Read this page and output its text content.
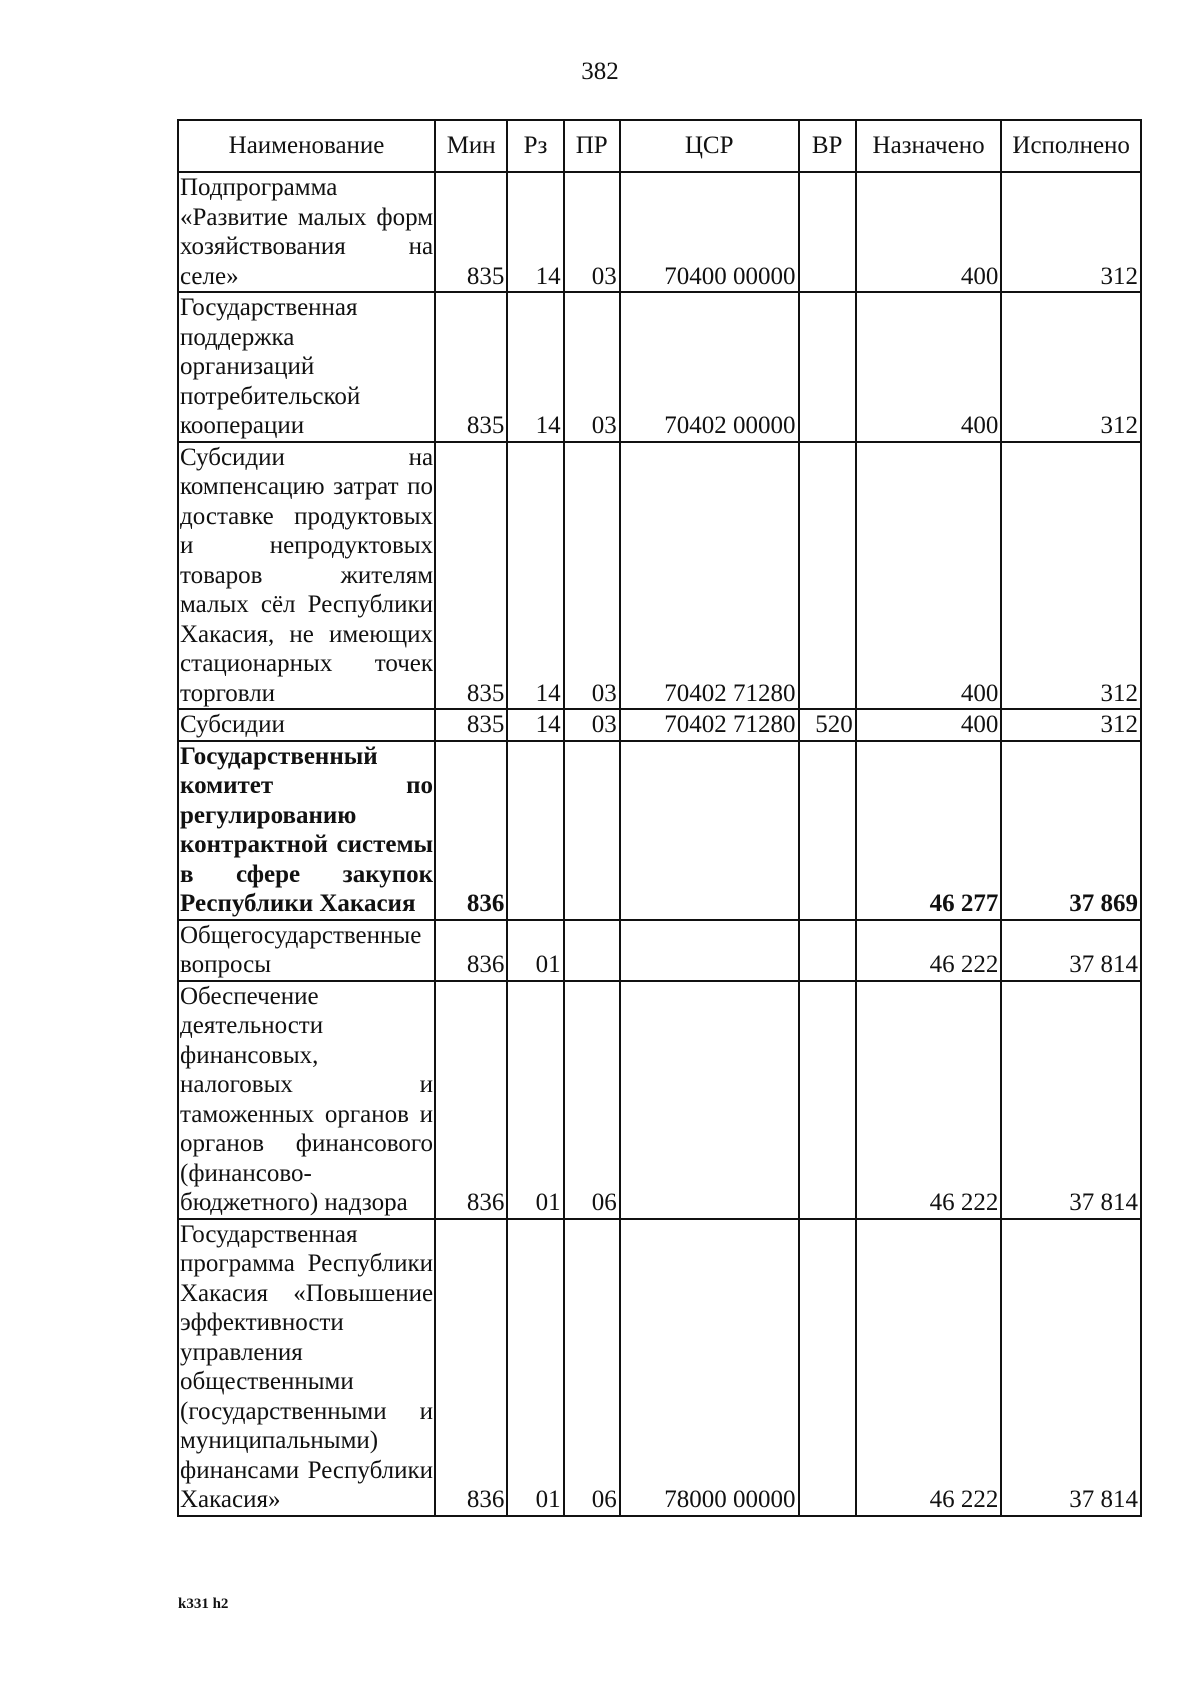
382
Наименование	Мин	Рз	ПР	ЦСР	ВР	Назначено	Исполнено
Подпрограмма «Развитие малых форм хозяйствования на селе»	835	14	03	70400 00000		400	312
Государственная поддержка организаций потребительской кооперации	835	14	03	70402 00000		400	312
Субсидии на компенсацию затрат по доставке продуктовых и непродуктовых товаров жителям малых сёл Республики Хакасия, не имеющих стационарных точек торговли	835	14	03	70402 71280		400	312
Субсидии	835	14	03	70402 71280	520	400	312
Государственный комитет по регулированию контрактной системы в сфере закупок Республики Хакасия	836					46 277	37 869
Общегосударственные вопросы	836	01				46 222	37 814
Обеспечение деятельности финансовых, налоговых и таможенных органов и органов финансового (финансово-бюджетного) надзора	836	01	06			46 222	37 814
Государственная программа Республики Хакасия «Повышение эффективности управления общественными (государственными и муниципальными) финансами Республики Хакасия»	836	01	06	78000 00000		46 222	37 814
k331 h2
